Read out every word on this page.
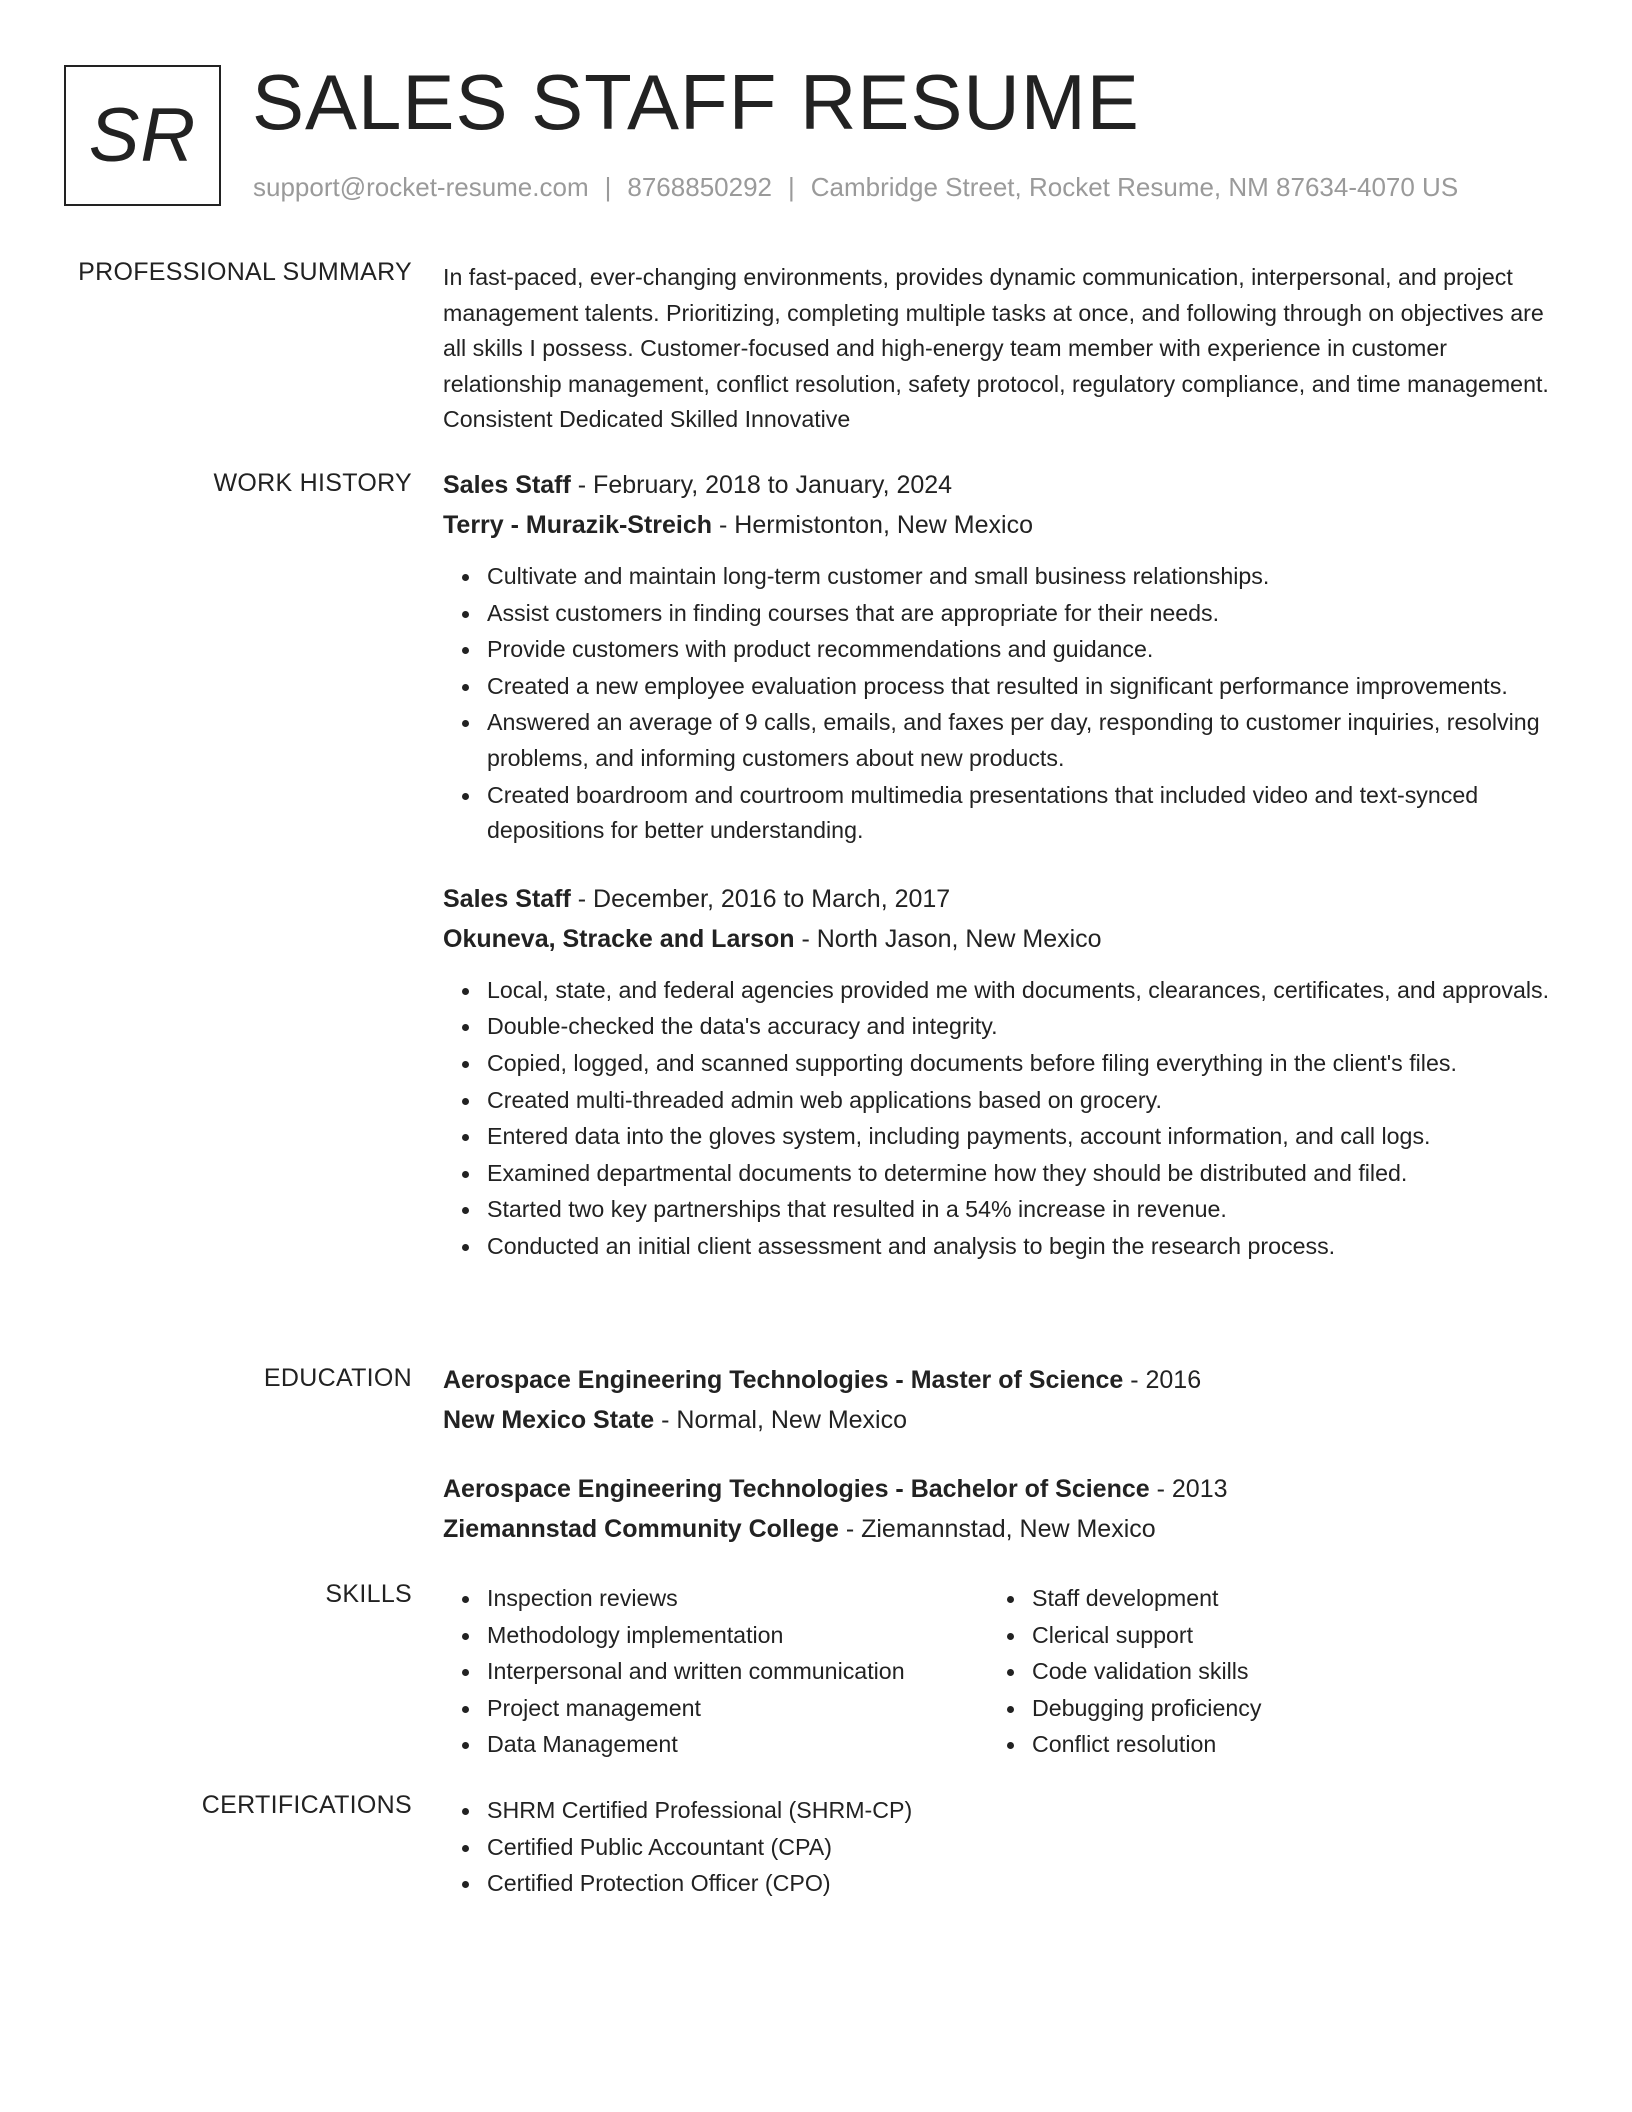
SR SALES STAFF RESUME
support@rocket-resume.com | 8768850292 | Cambridge Street, Rocket Resume, NM 87634-4070 US
PROFESSIONAL SUMMARY In fast-paced, ever-changing environments, provides dynamic communication, interpersonal, and project management talents. Prioritizing, completing multiple tasks at once, and following through on objectives are all skills I possess. Customer-focused and high-energy team member with experience in customer relationship management, conflict resolution, safety protocol, regulatory compliance, and time management. Consistent Dedicated Skilled Innovative

WORK HISTORY Sales Staff - February, 2018 to January, 2024
Terry - Murazik-Streich - Hermistonton, New Mexico
Cultivate and maintain long-term customer and small business relationships.
Assist customers in finding courses that are appropriate for their needs.
Provide customers with product recommendations and guidance.
Created a new employee evaluation process that resulted in significant performance improvements.
Answered an average of 9 calls, emails, and faxes per day, responding to customer inquiries, resolving problems, and informing customers about new products.
Created boardroom and courtroom multimedia presentations that included video and text-synced depositions for better understanding.
Sales Staff - December, 2016 to March, 2017
Okuneva, Stracke and Larson - North Jason, New Mexico
Local, state, and federal agencies provided me with documents, clearances, certificates, and approvals.
Double-checked the data's accuracy and integrity.
Copied, logged, and scanned supporting documents before filing everything in the client's files.
Created multi-threaded admin web applications based on grocery.
Entered data into the gloves system, including payments, account information, and call logs.
Examined departmental documents to determine how they should be distributed and filed.
Started two key partnerships that resulted in a 54% increase in revenue.
Conducted an initial client assessment and analysis to begin the research process.
EDUCATION Aerospace Engineering Technologies - Master of Science - 2016
New Mexico State - Normal, New Mexico
Aerospace Engineering Technologies - Bachelor of Science - 2013
Ziemannstad Community College - Ziemannstad, New Mexico
SKILLS	Inspection reviews
Methodology implementation
Interpersonal and written communication
Project management
Data Management
Staff development
Clerical support
Code validation skills
Debugging proficiency
Conflict resolution
CERTIFICATIONS	SHRM Certified Professional (SHRM-CP)
Certified Public Accountant (CPA)
Certified Protection Officer (CPO)
